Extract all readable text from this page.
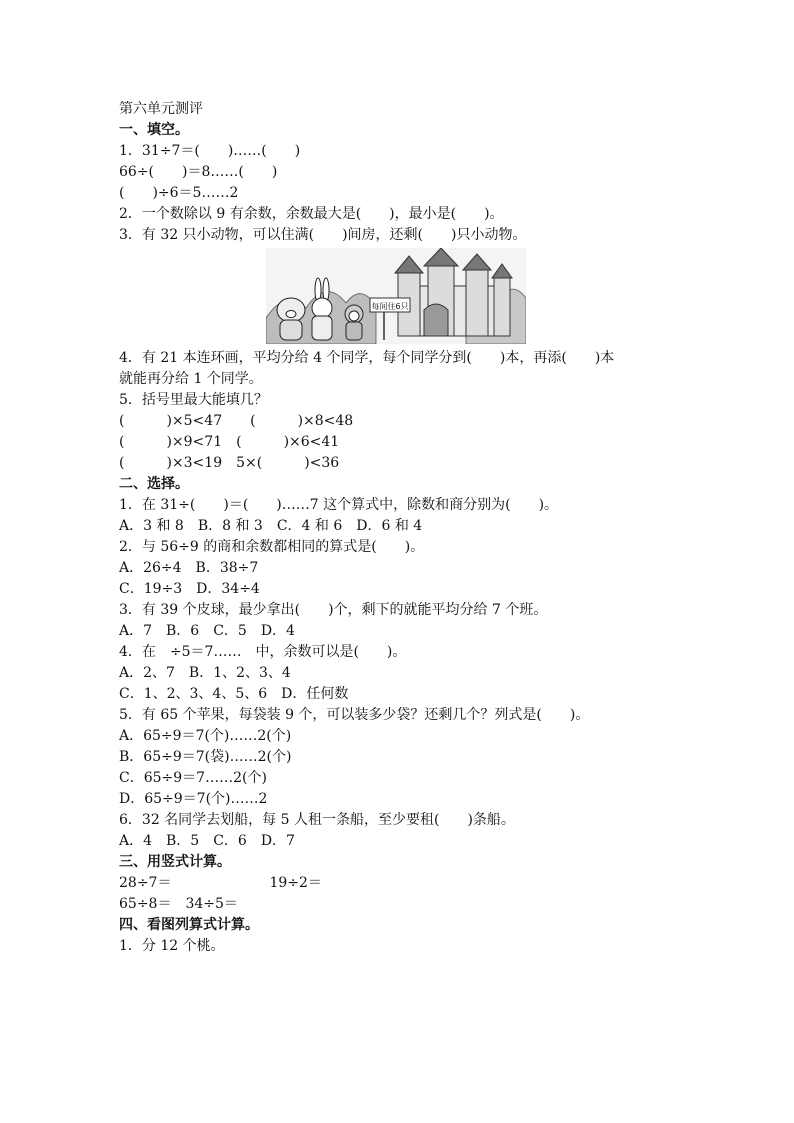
第六单元测评
一、填空。
1．31÷7＝(　　)……(　　)
66÷(　　)＝8……(　　)
(　　)÷6＝5……2
2．一个数除以 9 有余数，余数最大是(　　)，最小是(　　)。
3．有 32 只小动物，可以住满(　　)间房，还剩(　　)只小动物。
每间住6只
4．有 21 本连环画，平均分给 4 个同学，每个同学分到(　　)本，再添(　　)本
就能再分给 1 个同学。
5．括号里最大能填几？
(　　　)×5<47　　(　　　)×8<48
(　　　)×9<71　(　　　)×6<41
(　　　)×3<19　5×(　　　)<36
二、选择。
1．在 31÷(　　)＝(　　)……7 这个算式中，除数和商分别为(　　)。
A．3 和 8　B．8 和 3　C．4 和 6　D．6 和 4
2．与 56÷9 的商和余数都相同的算式是(　　)。
A．26÷4　B．38÷7
C．19÷3　D．34÷4
3．有 39 个皮球，最少拿出(　　)个，剩下的就能平均分给 7 个班。
A．7　B．6　C．5　D．4
4．在　÷5＝7……　中，余数可以是(　　)。
A．2、7　B．1、2、3、4
C．1、2、3、4、5、6　D．任何数
5．有 65 个苹果，每袋装 9 个，可以装多少袋？还剩几个？列式是(　　)。
A．65÷9＝7(个)……2(个)
B．65÷9＝7(袋)……2(个)
C．65÷9＝7……2(个)
D．65÷9＝7(个)……2
6．32 名同学去划船，每 5 人租一条船，至少要租(　　)条船。
A．4　B．5　C．6　D．7
三、用竖式计算。
28÷7＝　　　　　　　19÷2＝
65÷8＝　34÷5＝
四、看图列算式计算。
1．分 12 个桃。
